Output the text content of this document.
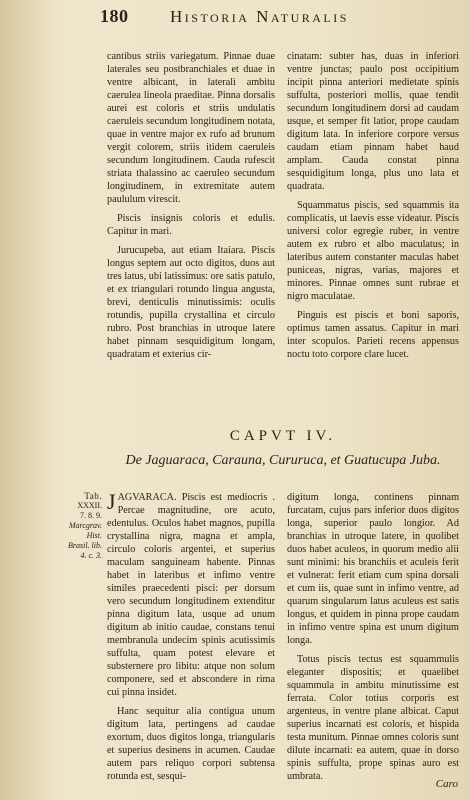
180	Historia Naturalis

cantibus striis variegatum. Pinnae duae laterales seu postbranchiales et duae in ventre albicant, in laterali ambitu caerulea lineola praeditae. Pinna dorsalis aurei est coloris et striis undulatis caeruleis secundum longitudinem notata, quae in ventre major ex rufo ad brunum vergit colorem, striis itidem caeruleis secundum longitudinem. Cauda rufescit striata thalassino ac caeruleo secundum longitudinem, in extremitate autem paululum virescit.

Piscis insignis coloris et edulis. Capitur in mari.

Jurucupeba, aut etiam Itaiara. Piscis longus septem aut octo digitos, duos aut tres latus, ubi latissimus: ore satis patulo, et ex triangulari rotundo lingua angusta, brevi, denticulis minutissimis: oculis rotundis, pupilla crystallina et circulo rubro. Post branchias in utroque latere habet pinnam sesquidigitum longam, quadratam et exterius cir-

cinatam: subter has, duas in inferiori ventre junctas; paulo post occipitium incipit pinna anteriori medietate spinis suffulta, posteriori mollis, quae tendit secundum longitudinem dorsi ad caudam usque, et semper fit latior, prope caudam digitum lata. In inferiore corpore versus caudam etiam pinnam habet haud amplam. Cauda constat pinna sesquidigitum longa, plus uno lata et quadrata.

Squammatus piscis, sed squammis ita complicatis, ut laevis esse videatur. Piscis universi color egregie ruber, in ventre autem ex rubro et albo maculatus; in lateribus autem constanter maculas habet puniceas, nigras, varias, majores et minores. Pinnae omnes sunt rubrae et nigro maculatae.

Pinguis est piscis et boni saporis, optimus tamen assatus. Capitur in mari inter scopulos. Parieti recens appensus noctu toto corpore clare lucet.

CAPVT IV.
De Jaguaraca, Carauna, Cururuca, et Guatucupa Juba.
Tab.
XXXII.
7. 8. 9.
Marcgrav. Hist. Brasil. lib. 4. c. 3.

JAGVARACA. Piscis est mediocris . Percae magnitudine, ore acuto, edentulus. Oculos habet magnos, pupilla crystallina nigra, magna et ampla, circulo coloris argentei, et superius maculam sanguineam habente. Pinnas habet in lateribus et infimo ventre similes praecedenti pisci: per dorsum vero secundum longitudinem extenditur pinna digitum lata, usque ad unum digitum ab initio caudae, constans tenui membranula undecim spinis acutissimis suffulta, quam potest elevare et substernere pro libitu: atque non solum componere, sed et abscondere in rima cui pinna insidet.

Hanc sequitur alia contigua unum digitum lata, pertingens ad caudae exortum, duos digitos longa, triangularis et superius desinens in acumen. Caudae autem pars reliquo corpori subtensa rotunda est, sesqui-

digitum longa, continens pinnam furcatam, cujus pars inferior duos digitos longa, superior paulo longior. Ad branchias in utroque latere, in quolibet duos habet aculeos, in quorum medio alii sunt minimi: his branchiis et aculeis ferit et vulnerat: ferit etiam cum spina dorsali et cum iis, quae sunt in infimo ventre, ad quarum singularum latus aculeus est satis longus, et quidem in pinna prope caudam in infimo ventre spina est unum digitum longa.

Totus piscis tectus est squammulis eleganter dispositis; et quaelibet squammula in ambitu minutissime est ferrata. Color totius corporis est argenteus, in ventre plane albicat. Caput superius incarnati est coloris, et hispida testa munitum. Pinnae omnes coloris sunt dilute incarnati: ea autem, quae in dorso spinis suffulta, prope spinas auro est umbrata.

Caro
